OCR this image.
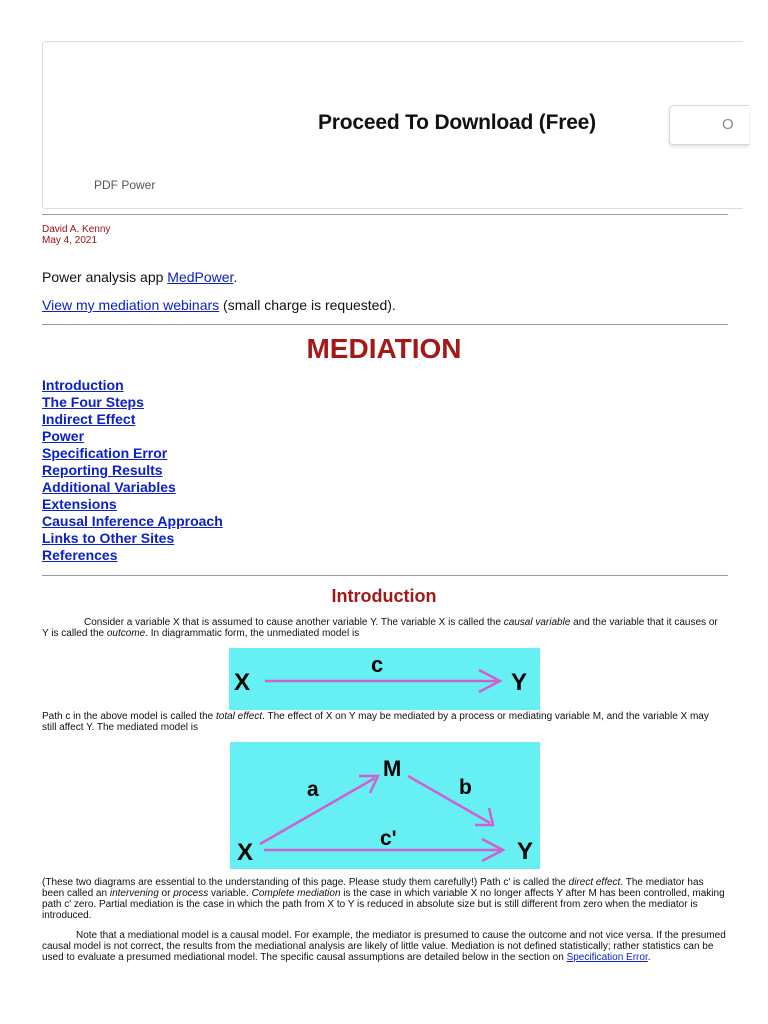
Proceed To Download (Free)	O
PDF Power
David A. Kenny
May 4, 2021
Power analysis app MedPower.
View my mediation webinars (small charge is requested).
MEDIATION
Introduction
The Four Steps
Indirect Effect
Power
Specification Error
Reporting Results
Additional Variables
Extensions
Causal Inference Approach
Links to Other Sites
References
Introduction

Consider a variable X that is assumed to cause another variable Y. The variable X is called the causal variable and the variable that it causes or Y is called the outcome. In diagrammatic form, the unmediated model is

X	Y
c

Path c in the above model is called the total effect. The effect of X on Y may be mediated by a process or mediating variable M, and the variable X may still affect Y. The mediated model is

X	Y
M
a	b
c'

(These two diagrams are essential to the understanding of this page. Please study them carefully!) Path c' is called the direct effect. The mediator has been called an intervening or process variable. Complete mediation is the case in which variable X no longer affects Y after M has been controlled, making path c' zero. Partial mediation is the case in which the path from X to Y is reduced in absolute size but is still different from zero when the mediator is introduced.

Note that a mediational model is a causal model. For example, the mediator is presumed to cause the outcome and not vice versa. If the presumed causal model is not correct, the results from the mediational analysis are likely of little value. Mediation is not defined statistically; rather statistics can be used to evaluate a presumed mediational model. The specific causal assumptions are detailed below in the section on Specification Error.
